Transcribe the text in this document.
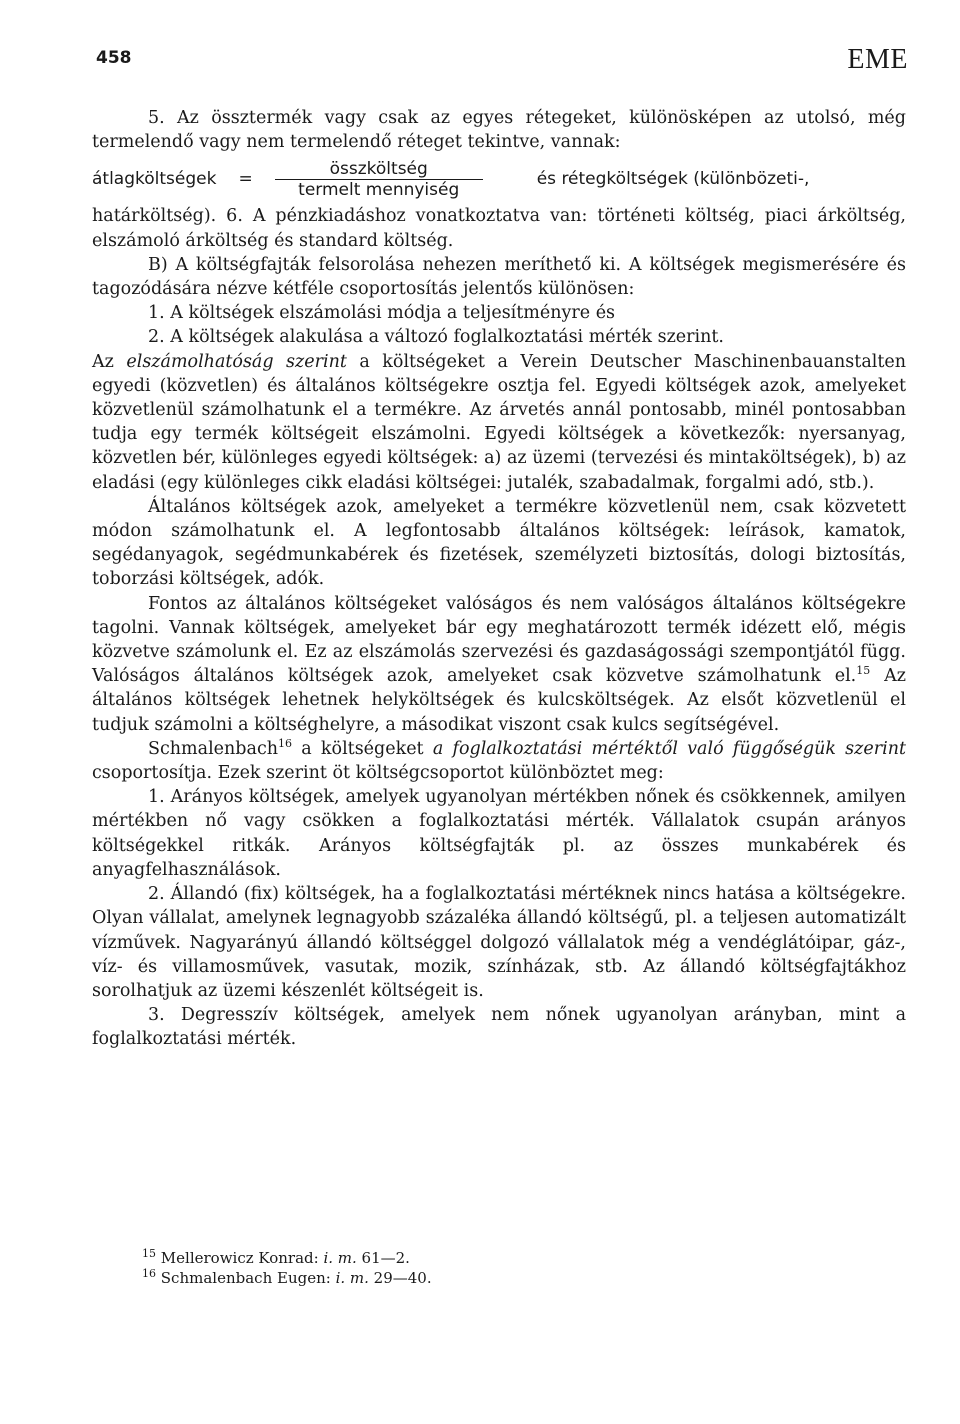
458	EME

5. Az össztermék vagy csak az egyes rétegeket, különösképen az utolsó, még termelendő vagy nem termelendő réteget tekintve, vannak:

átlagköltségek = $\frac{\text{összköltség}}{\text{termelt mennyiség}}$	és rétegköltségek (különbözeti-,

határköltség). 6. A pénzkiadáshoz vonatkoztatva van: történeti költség, piaci árköltség, elszámoló árköltség és standard költség.

B) A költségfajták felsorolása nehezen meríthető ki. A költségek megismerésére és tagozódására nézve kétféle csoportosítás jelentős különösen:

1. A költségek elszámolási módja a teljesítményre és

2. A költségek alakulása a változó foglalkoztatási mérték szerint.

Az elszámolhatóság szerint a költségeket a Verein Deutscher Maschinenbauanstalten egyedi (közvetlen) és általános költségekre osztja fel. Egyedi költségek azok, amelyeket közvetlenül számolhatunk el a termékre. Az árvetés annál pontosabb, minél pontosabban tudja egy termék költségeit elszámolni. Egyedi költségek a következők: nyersanyag, közvetlen bér, különleges egyedi költségek: a) az üzemi (tervezési és mintaköltségek), b) az eladási (egy különleges cikk eladási költségei: jutalék, szabadalmak, forgalmi adó, stb.).

Általános költségek azok, amelyeket a termékre közvetlenül nem, csak közvetett módon számolhatunk el. A legfontosabb általános költségek: leírások, kamatok, segédanyagok, segédmunkabérek és fizetések, személyzeti biztosítás, dologi biztosítás, toborzási költségek, adók.

Fontos az általános költségeket valóságos és nem valóságos általános költségekre tagolni. Vannak költségek, amelyeket bár egy meghatározott termék idézett elő, mégis közvetve számolunk el. Ez az elszámolás szervezési és gazdaságossági szempontjától függ. Valóságos általános költségek azok, amelyeket csak közvetve számolhatunk el.$^{15}$ Az általános költségek lehetnek helyköltségek és kulcsköltségek. Az elsőt közvetlenül el tudjuk számolni a költséghelyre, a másodikat viszont csak kulcs segítségével.

Schmalenbach$^{16}$ a költségeket a foglalkoztatási mértéktől való függőségük szerint csoportosítja. Ezek szerint öt költségcsoportot különböztet meg:

1. Arányos költségek, amelyek ugyanolyan mértékben nőnek és csökkennek, amilyen mértékben nő vagy csökken a foglalkoztatási mérték. Vállalatok csupán arányos költségekkel ritkák. Arányos költségfajták pl. az összes munkabérek és anyagfelhasználások.

2. Állandó (fix) költségek, ha a foglalkoztatási mértéknek nincs hatása a költségekre. Olyan vállalat, amelynek legnagyobb százaléka állandó költségű, pl. a teljesen automatizált vízművek. Nagyarányú állandó költséggel dolgozó vállalatok még a vendéglátóipar, gáz-, víz- és villamosművek, vasutak, mozik, színházak, stb. Az állandó költségfajtákhoz sorolhatjuk az üzemi készenlét költségeit is.

3. Degresszív költségek, amelyek nem nőnek ugyanolyan arányban, mint a foglalkoztatási mérték.

$^{15}$ Mellerowicz Konrad: i. m. 61—2.
$^{16}$ Schmalenbach Eugen: i. m. 29—40.
